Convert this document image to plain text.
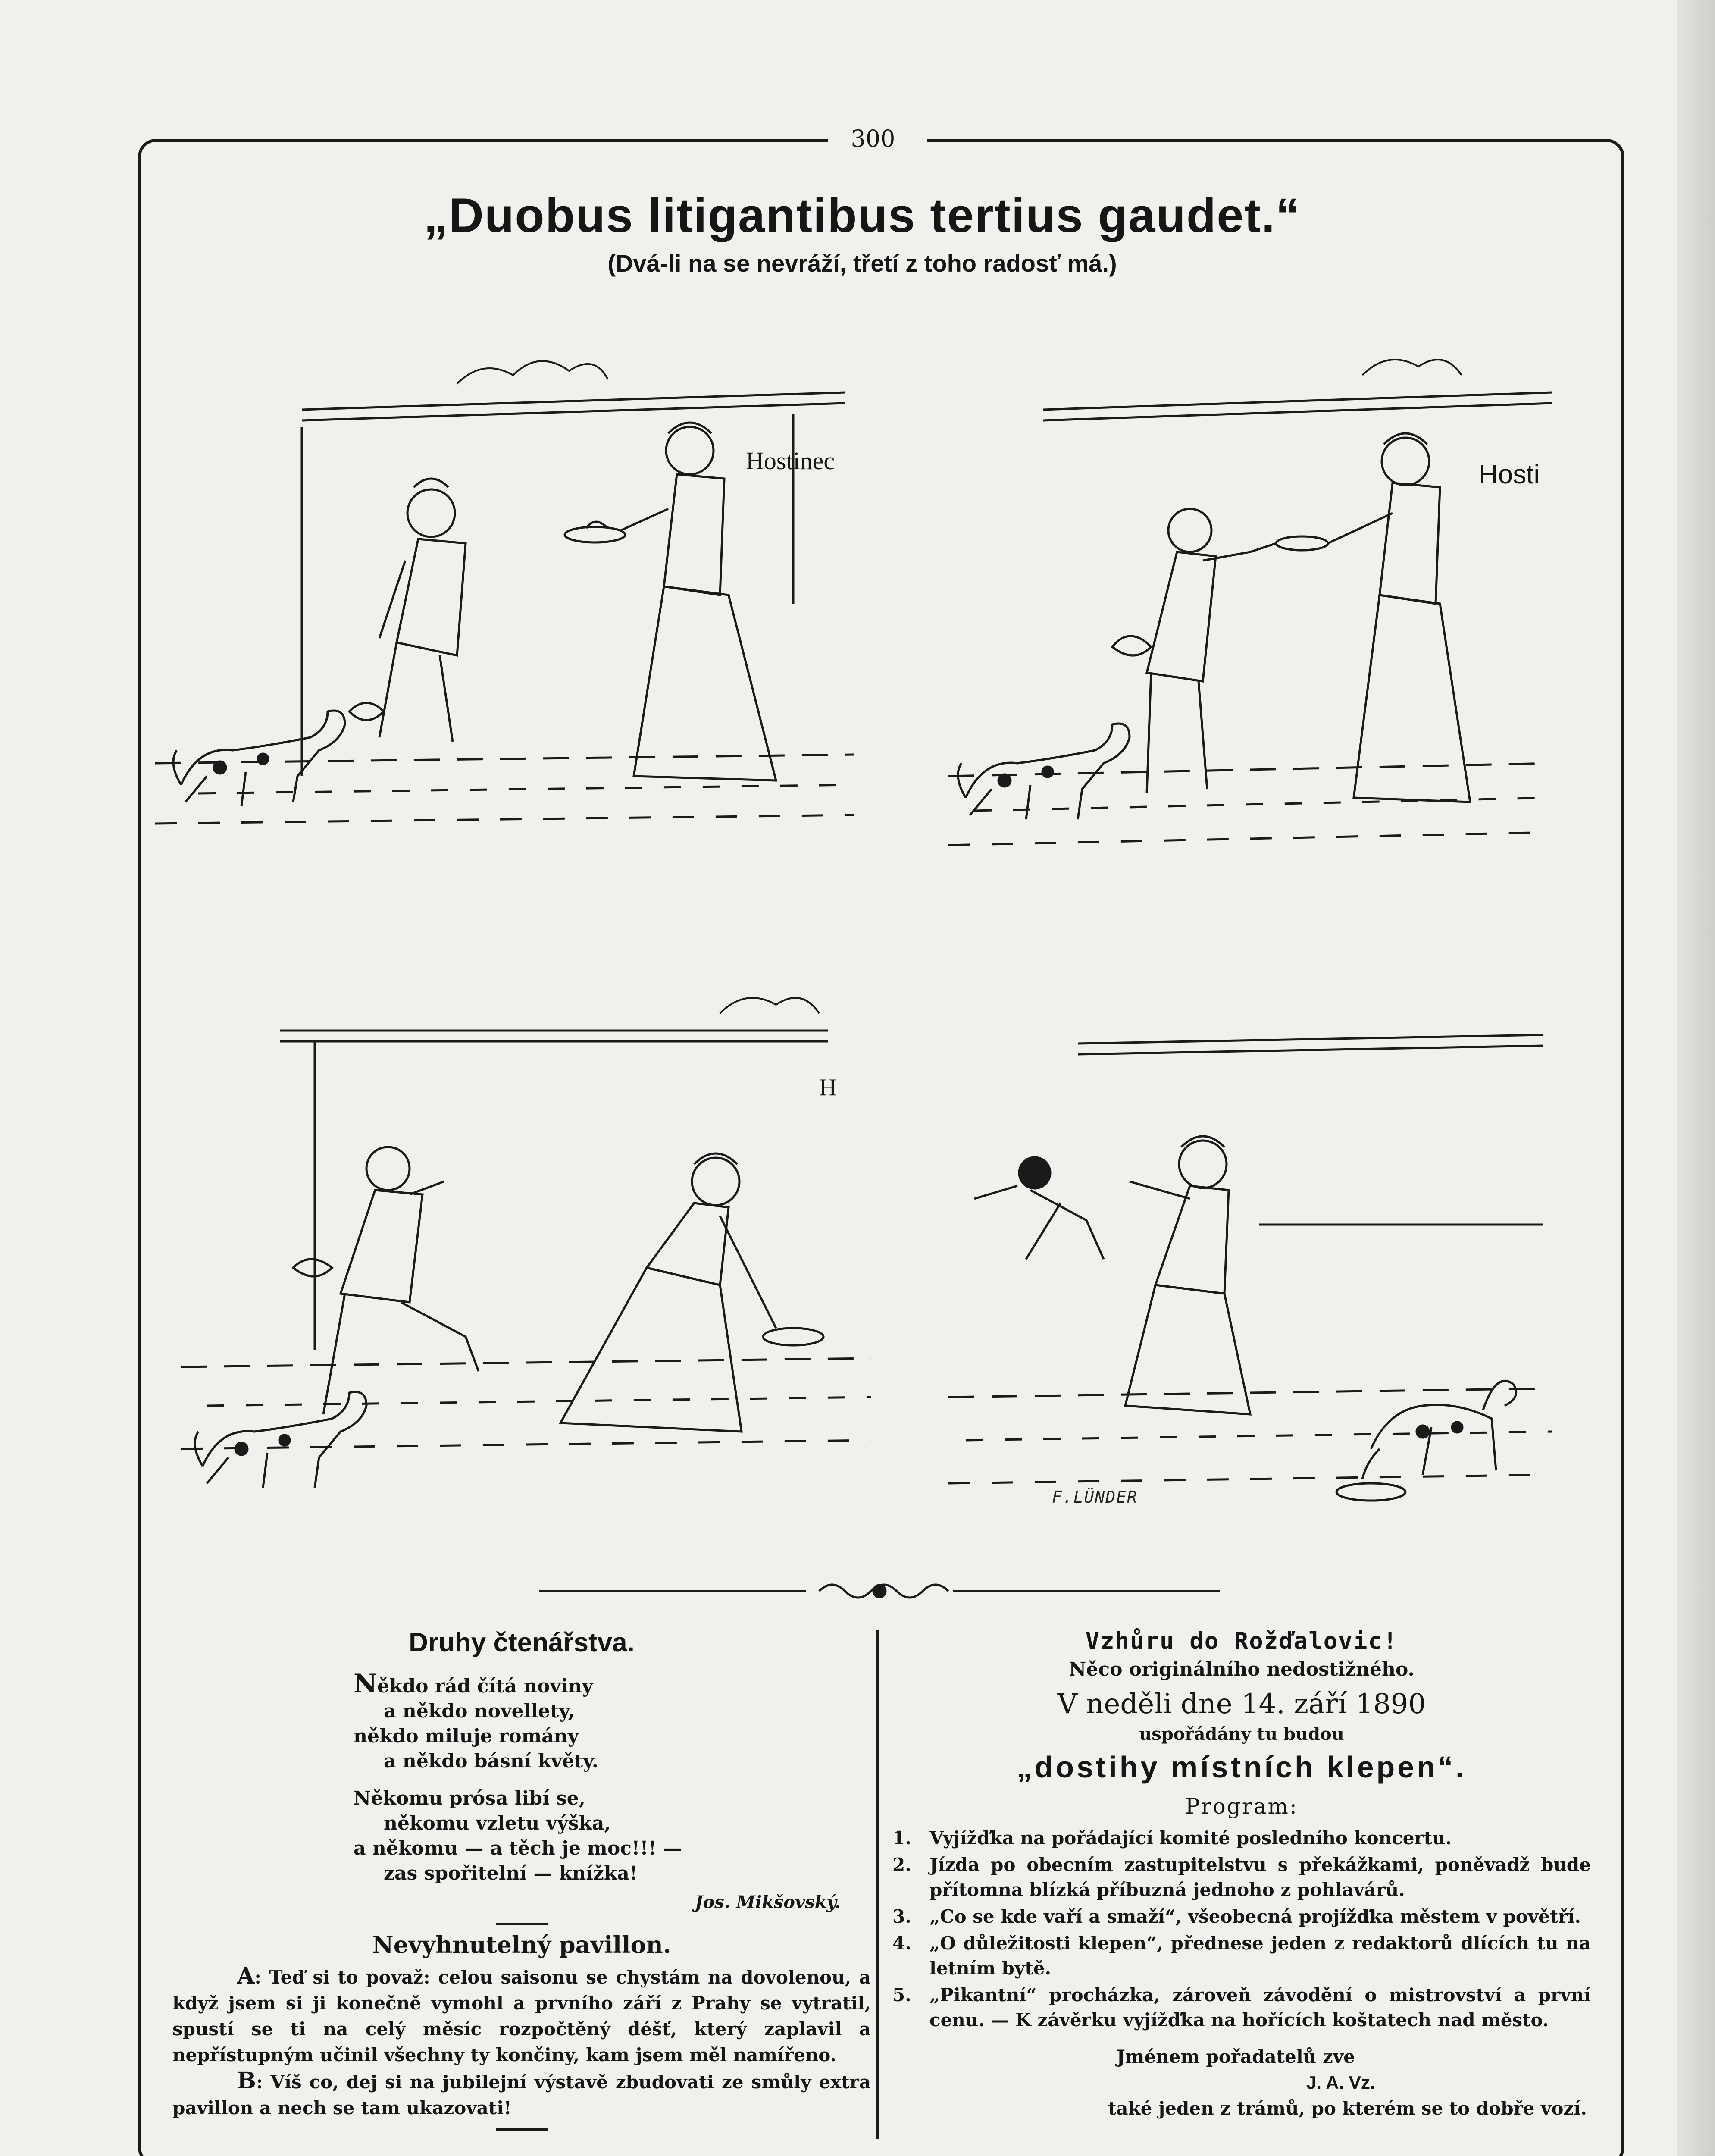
300
„Duobus litigantibus tertius gaudet.“
(Dvá-li na se nevráží, třetí z toho radosť má.)
Hostinec	Hosti
H
F.LÜNDER
Druhy čtenářstva.
Někdo rád čítá noviny
a někdo novellety,
někdo miluje romány
a někdo básní květy.
Někomu prósa libí se,
někomu vzletu výška,
a někomu — a těch je moc!!! —
zas spořitelní — knížka!
Jos. Mikšovský.
Nevyhnutelný pavillon.
A: Teď si to považ: celou saisonu se chystám na dovolenou, a když jsem si ji konečně vymohl a prvního září z Prahy se vytratil, spustí se ti na celý měsíc rozpočtěný déšť, který zaplavil a nepřístupným učinil všechny ty končiny, kam jsem měl namířeno.
B: Víš co, dej si na jubilejní výstavě zbudovati ze smůly extra pavillon a nech se tam ukazovati!
Vzhůru do Rožďalovic!
Něco originálního nedostižného.
V neděli dne 14. září 1890
uspořádány tu budou
„dostihy místních klepen“.
Program:
1.	Vyjížďka na pořádající komité posledního koncertu.
2.	Jízda po obecním zastupitelstvu s překážkami, poněvadž bude přítomna blízká příbuzná jednoho z pohlavárů.
3.	„Co se kde vaří a smaží“, všeobecná projížďka městem v povětří.
4.	„O důležitosti klepen“, přednese jeden z redaktorů dlících tu na letním bytě.
5.	„Pikantní“ procházka, zároveň závodění o mistrovství a první cenu. — K závěrku vyjížďka na hořících koštatech nad město.
Jménem pořadatelů zve
J. A. Vz.
také jeden z trámů, po kterém se to dobře vozí.
